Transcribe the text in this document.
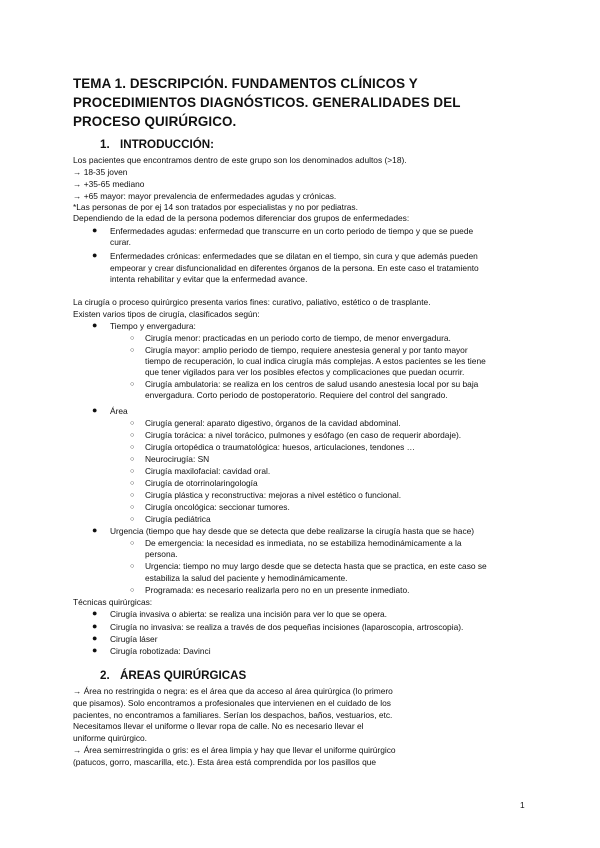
TEMA 1. DESCRIPCIÓN. FUNDAMENTOS CLÍNICOS Y
PROCEDIMIENTOS DIAGNÓSTICOS. GENERALIDADES DEL
PROCESO QUIRÚRGICO.
1. INTRODUCCIÓN:
Los pacientes que encontramos dentro de este grupo son los denominados adultos (>18).
→ 18-35 joven
→ +35-65 mediano
→ +65 mayor: mayor prevalencia de enfermedades agudas y crónicas.
*Las personas de por ej 14 son tratados por especialistas y no por pediatras.
Dependiendo de la edad de la persona podemos diferenciar dos grupos de enfermedades:
● Enfermedades agudas: enfermedad que transcurre en un corto periodo de tiempo y que se puede
curar.
● Enfermedades crónicas: enfermedades que se dilatan en el tiempo, sin cura y que además pueden
empeorar y crear disfuncionalidad en diferentes órganos de la persona. En este caso el tratamiento
intenta rehabilitar y evitar que la enfermedad avance.
La cirugía o proceso quirúrgico presenta varios fines: curativo, paliativo, estético o de trasplante.
Existen varios tipos de cirugía, clasificados según:
● Tiempo y envergadura:
○ Cirugía menor: practicadas en un periodo corto de tiempo, de menor envergadura.
○ Cirugía mayor: amplio periodo de tiempo, requiere anestesia general y por tanto mayor
tiempo de recuperación, lo cual indica cirugía más complejas. A estos pacientes se les tiene
que tener vigilados para ver los posibles efectos y complicaciones que puedan ocurrir.
○ Cirugía ambulatoria: se realiza en los centros de salud usando anestesia local por su baja
envergadura. Corto periodo de postoperatorio. Requiere del control del sangrado.
● Área
○ Cirugía general: aparato digestivo, órganos de la cavidad abdominal.
○ Cirugía torácica: a nivel torácico, pulmones y esófago (en caso de requerir abordaje).
○ Cirugía ortopédica o traumatológica: huesos, articulaciones, tendones …
○ Neurocirugía: SN
○ Cirugía maxilofacial: cavidad oral.
○ Cirugía de otorrinolaringología
○ Cirugía plástica y reconstructiva: mejoras a nivel estético o funcional.
○ Cirugía oncológica: seccionar tumores.
○ Cirugía pediátrica
● Urgencia (tiempo que hay desde que se detecta que debe realizarse la cirugía hasta que se hace)
○ De emergencia: la necesidad es inmediata, no se estabiliza hemodinámicamente a la
persona.
○ Urgencia: tiempo no muy largo desde que se detecta hasta que se practica, en este caso se
estabiliza la salud del paciente y hemodinámicamente.
○ Programada: es necesario realizarla pero no en un presente inmediato.
Técnicas quirúrgicas:
● Cirugía invasiva o abierta: se realiza una incisión para ver lo que se opera.
● Cirugía no invasiva: se realiza a través de dos pequeñas incisiones (laparoscopia, artroscopia).
● Cirugía láser
● Cirugía robotizada: Davinci
2. ÁREAS QUIRÚRGICAS
→ Área no restringida o negra: es el área que da acceso al área quirúrgica (lo primero
que pisamos). Solo encontramos a profesionales que intervienen en el cuidado de los
pacientes, no encontramos a familiares. Serían los despachos, baños, vestuarios, etc.
Necesitamos llevar el uniforme o llevar ropa de calle. No es necesario llevar el
uniforme quirúrgico.
→ Área semirrestringida o gris: es el área limpia y hay que llevar el uniforme quirúrgico
(patucos, gorro, mascarilla, etc.). Esta área está comprendida por los pasillos que
1
